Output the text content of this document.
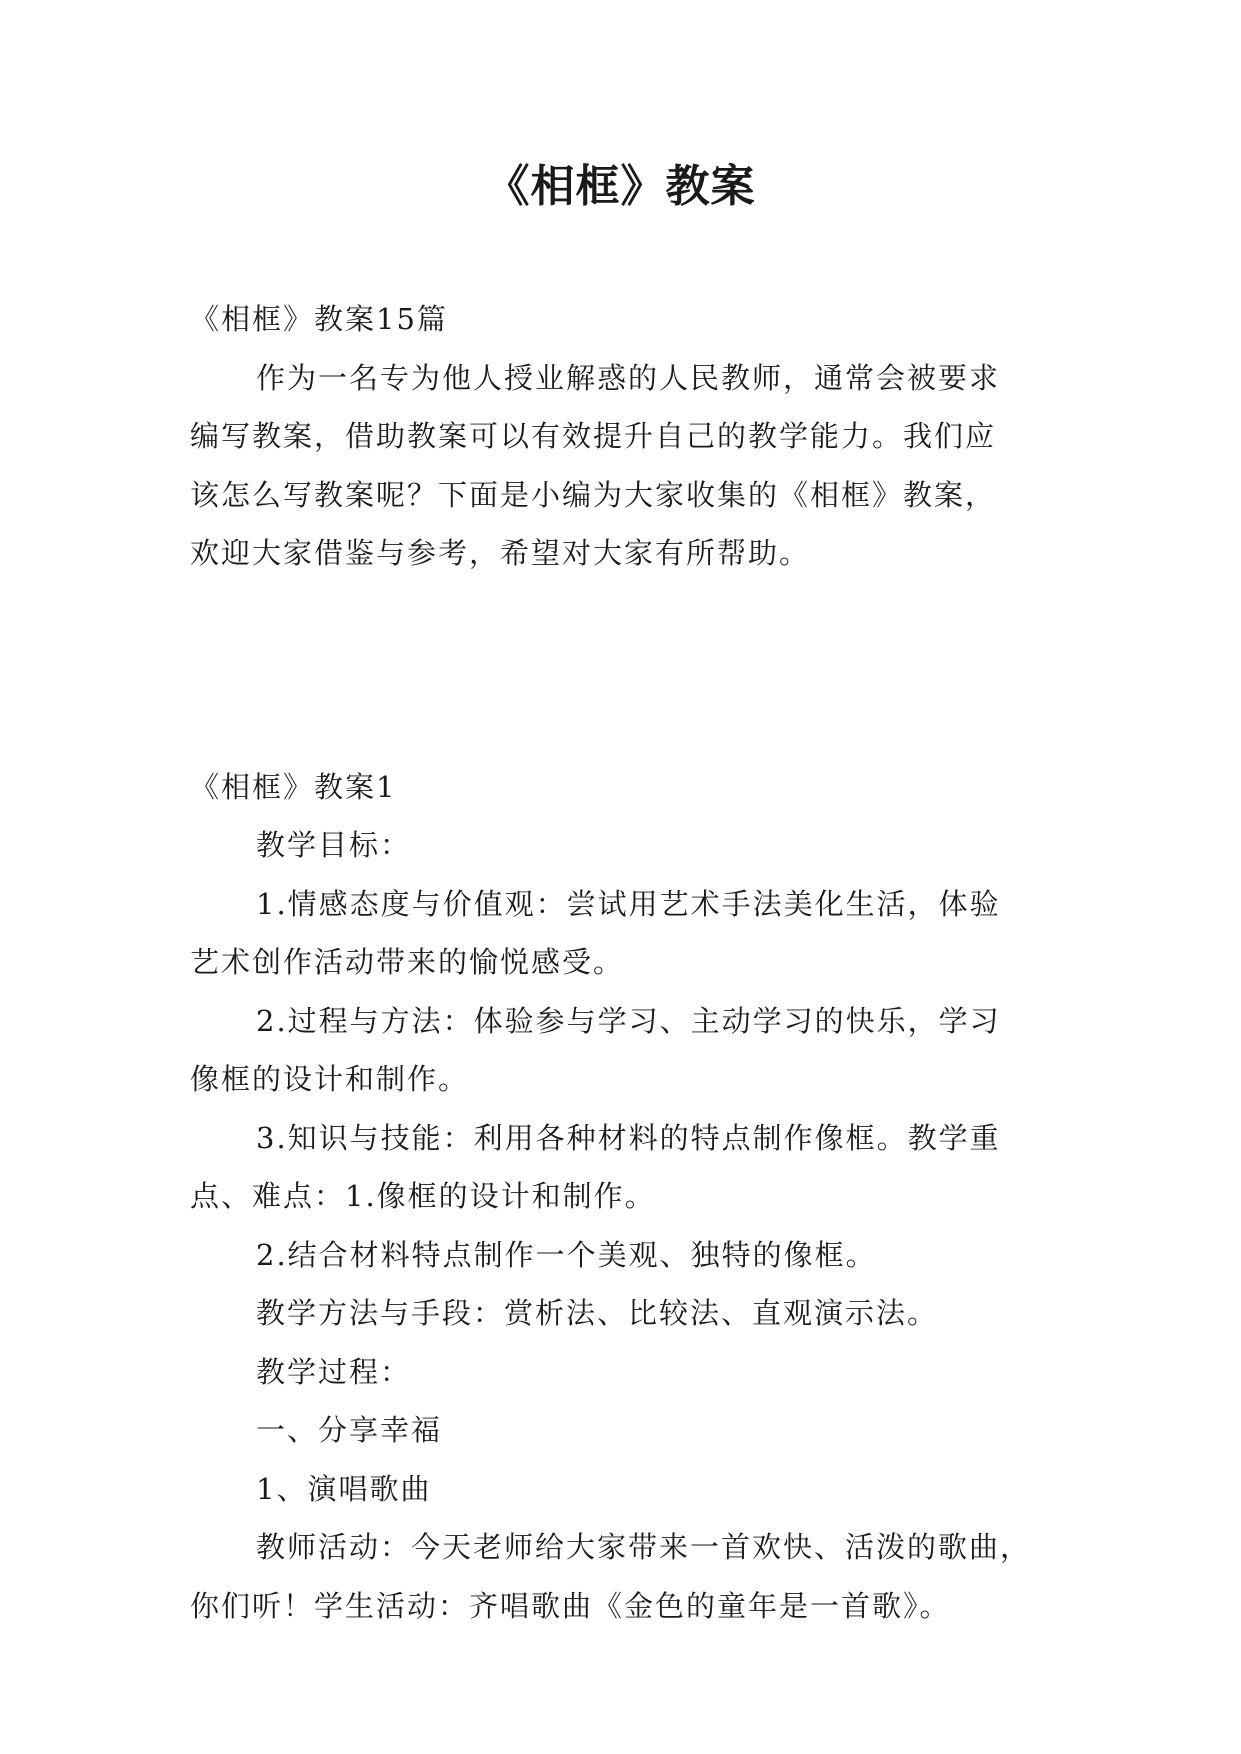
《相框》教案
《相框》教案15篇
作为一名专为他人授业解惑的人民教师，通常会被要求
编写教案，借助教案可以有效提升自己的教学能力。我们应
该怎么写教案呢？下面是小编为大家收集的《相框》教案，
欢迎大家借鉴与参考，希望对大家有所帮助。
《相框》教案1
教学目标：
1.情感态度与价值观：尝试用艺术手法美化生活，体验
艺术创作活动带来的愉悦感受。
2.过程与方法：体验参与学习、主动学习的快乐，学习
像框的设计和制作。
3.知识与技能：利用各种材料的特点制作像框。教学重
点、难点：1.像框的设计和制作。
2.结合材料特点制作一个美观、独特的像框。
教学方法与手段：赏析法、比较法、直观演示法。
教学过程：
一、分享幸福
1、演唱歌曲
教师活动：今天老师给大家带来一首欢快、活泼的歌曲，
你们听！学生活动：齐唱歌曲《金色的童年是一首歌》。
